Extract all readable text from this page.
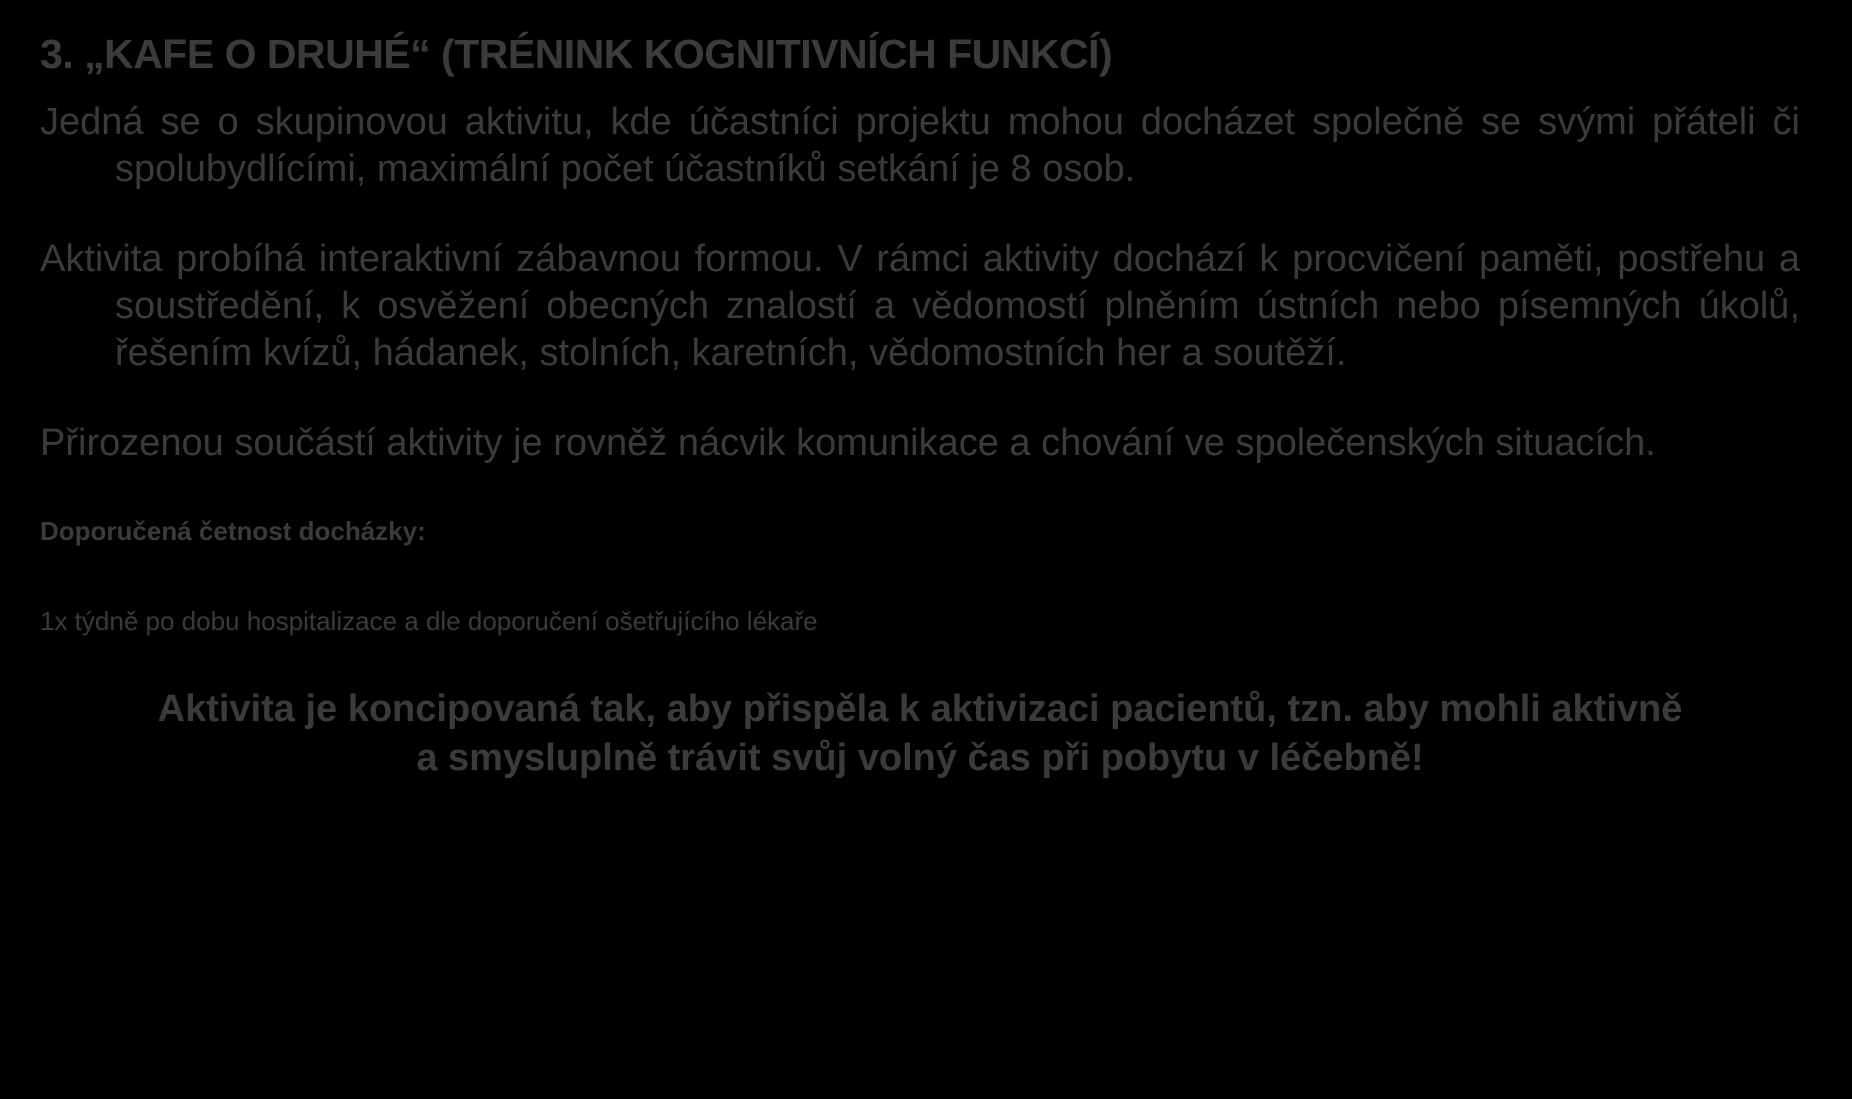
3. „KAFE O DRUHÉ“ (TRÉNINK KOGNITIVNÍCH FUNKCÍ)

Jedná se o skupinovou aktivitu, kde účastníci projektu mohou docházet společně se svými přáteli či spolubydlícími, maximální počet účastníků setkání je 8 osob.

Aktivita probíhá interaktivní zábavnou formou. V rámci aktivity dochází k procvičení paměti, postřehu a soustředění, k osvěžení obecných znalostí a vědomostí plněním ústních nebo písemných úkolů, řešením kvízů, hádanek, stolních, karetních, vědomostních her a soutěží.

Přirozenou součástí aktivity je rovněž nácvik komunikace a chování ve společenských situacích.

Doporučená četnost docházky:

1x týdně po dobu hospitalizace a dle doporučení ošetřujícího lékaře

Aktivita je koncipovaná tak, aby přispěla k aktivizaci pacientů, tzn. aby mohli aktivně
a smysluplně trávit svůj volný čas při pobytu v léčebně!
